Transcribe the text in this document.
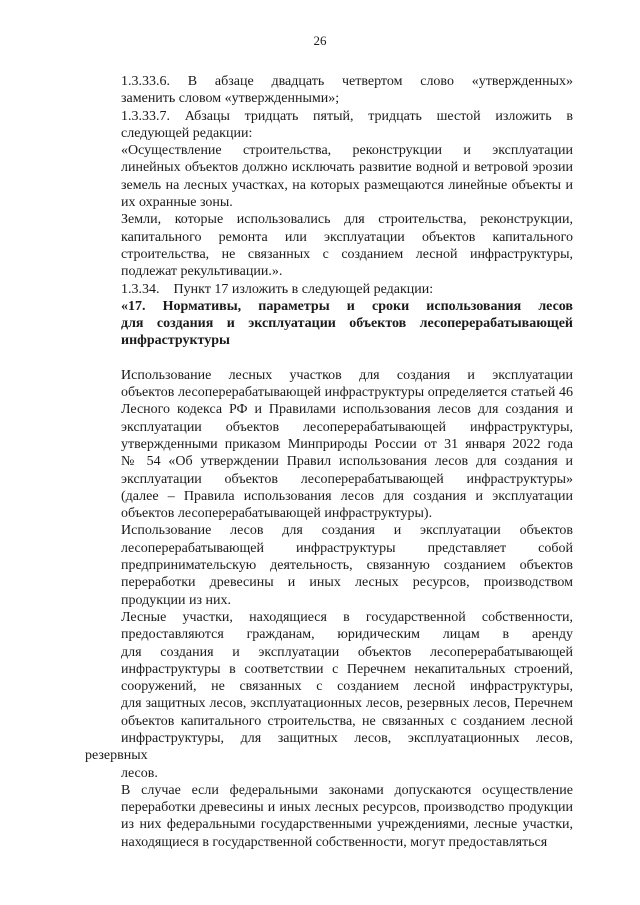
26
1.3.33.6. В абзаце двадцать четвертом слово «утвержденных»
заменить словом «утвержденными»;
1.3.33.7. Абзацы тридцать пятый, тридцать шестой изложить в
следующей редакции:
«Осуществление строительства, реконструкции и эксплуатации
линейных объектов должно исключать развитие водной и ветровой эрозии
земель на лесных участках, на которых размещаются линейные объекты и
их охранные зоны.
Земли, которые использовались для строительства, реконструкции,
капитального ремонта или эксплуатации объектов капитального
строительства, не связанных с созданием лесной инфраструктуры,
подлежат рекультивации.».
1.3.34.    Пункт 17 изложить в следующей редакции:
«17. Нормативы, параметры и сроки использования лесов
для создания и эксплуатации объектов лесоперерабатывающей
инфраструктуры
Использование лесных участков для создания и эксплуатации
объектов лесоперерабатывающей инфраструктуры определяется статьей 46
Лесного кодекса РФ и Правилами использования лесов для создания и
эксплуатации объектов лесоперерабатывающей инфраструктуры,
утвержденными приказом Минприроды России от 31 января 2022 года
№ 54 «Об утверждении Правил использования лесов для создания и
эксплуатации объектов лесоперерабатывающей инфраструктуры»
(далее – Правила использования лесов для создания и эксплуатации
объектов лесоперерабатывающей инфраструктуры).
Использование лесов для создания и эксплуатации объектов
лесоперерабатывающей инфраструктуры представляет собой
предпринимательскую деятельность, связанную созданием объектов
переработки древесины и иных лесных ресурсов, производством
продукции из них.
Лесные участки, находящиеся в государственной собственности,
предоставляются гражданам, юридическим лицам в аренду
для создания и эксплуатации объектов лесоперерабатывающей
инфраструктуры в соответствии с Перечнем некапитальных строений,
сооружений, не связанных с созданием лесной инфраструктуры,
для защитных лесов, эксплуатационных лесов, резервных лесов, Перечнем
объектов капитального строительства, не связанных с созданием лесной
инфраструктуры, для защитных лесов, эксплуатационных лесов, резервных
лесов.
В случае если федеральными законами допускаются осуществление
переработки древесины и иных лесных ресурсов, производство продукции
из них федеральными государственными учреждениями, лесные участки,
находящиеся в государственной собственности, могут предоставляться
